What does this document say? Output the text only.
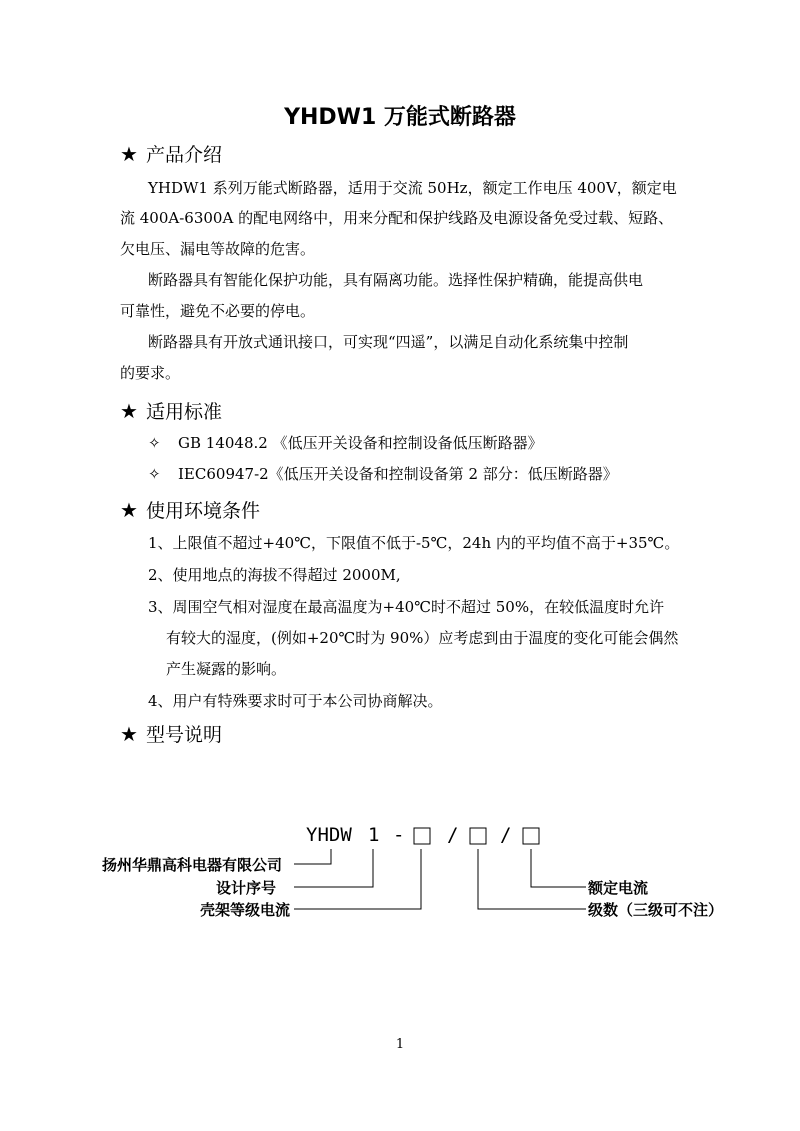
YHDW1 万能式断路器
★ 产品介绍
YHDW1 系列万能式断路器，适用于交流 50Hz，额定工作电压 400V，额定电
流 400A-6300A 的配电网络中，用来分配和保护线路及电源设备免受过载、短路、
欠电压、漏电等故障的危害。
断路器具有智能化保护功能，具有隔离功能。选择性保护精确，能提高供电
可靠性，避免不必要的停电。
断路器具有开放式通讯接口，可实现“四遥”，以满足自动化系统集中控制
的要求。
★ 适用标准
✧ GB 14048.2 《低压开关设备和控制设备低压断路器》
✧ IEC60947-2《低压开关设备和控制设备第 2 部分：低压断路器》
★ 使用环境条件
1、上限值不超过+40℃，下限值不低于-5℃，24h 内的平均值不高于+35℃。
2、使用地点的海拔不得超过 2000M,
3、周围空气相对湿度在最高温度为+40℃时不超过 50%，在较低温度时允许
有较大的湿度，(例如+20℃时为 90%）应考虑到由于温度的变化可能会偶然
产生凝露的影响。
4、用户有特殊要求时可于本公司协商解决。
★ 型号说明
YHDW 1 - / /
扬州华鼎高科电器有限公司
设计序号
壳架等级电流
额定电流
级数（三级可不注）
1
